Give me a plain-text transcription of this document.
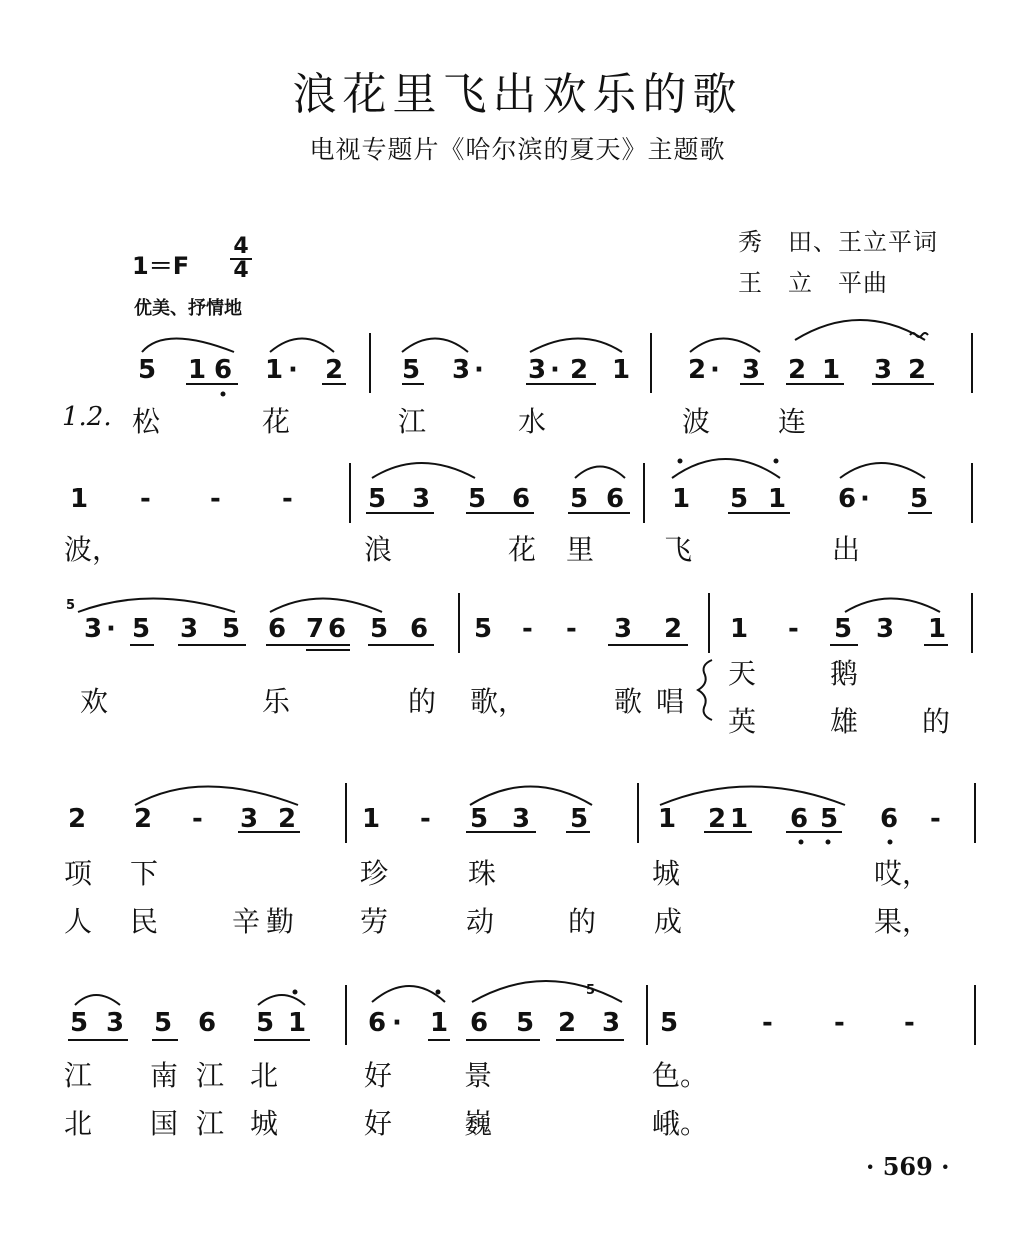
浪花里飞出欢乐的歌
电视专题片《哈尔滨的夏天》主题歌
秀　田、王立平词
王　立　平曲
1＝F
4
4
优美、抒情地
5 1 6 1 · 2 5 3 · 3 · 2 1 2 · 3 2 1 3 2
1.2. 松	花	江	水	波 连
1 - - -	5 3 5 6 5 6 1 5 1 6 · 5
波，	浪	花 里 飞	出
5
3 · 5 3 5 6 7 6 5 6 5 - - 3 2 1 - 5 3 1
欢	乐	的 歌，	歌 唱
天	鹅
英	雄 的
2 2 - 3 2	1 - 5 3 5	1 2 1 6 5 6 -
项 下	珍	珠	城	哎，
人 民	辛 勤 劳	动	的 成	果，
5 3 5 6 5 1 6 · 1 6 5 2
5
3 5	- - -
江 南 江 北	好	景	色。
北 国 江 城	好	巍	峨。
· 569 ·
